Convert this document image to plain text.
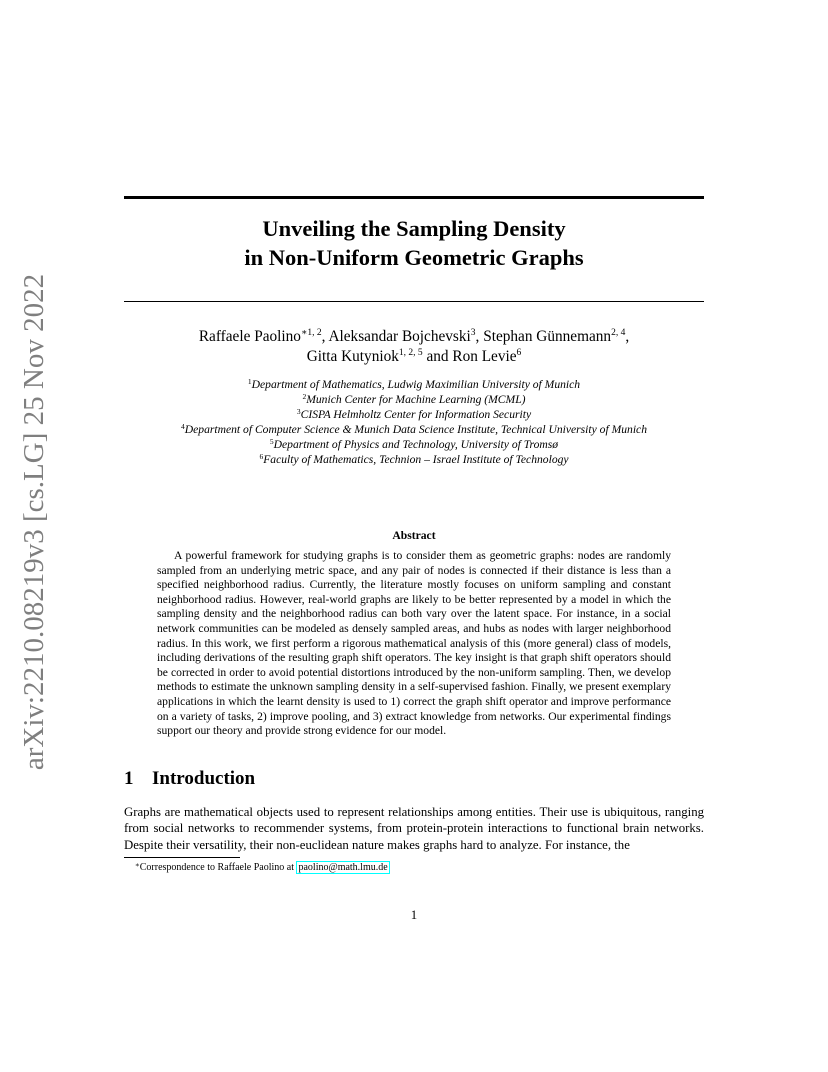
arXiv:2210.08219v3 [cs.LG] 25 Nov 2022
Unveiling the Sampling Density
in Non-Uniform Geometric Graphs
Raffaele Paolino$^{∗1, 2}$, Aleksandar Bojchevski$^3$, Stephan Günnemann$^{2, 4}$,
Gitta Kutyniok$^{1, 2, 5}$ and Ron Levie$^6$
$^1$Department of Mathematics, Ludwig Maximilian University of Munich
$^2$Munich Center for Machine Learning (MCML)
$^3$CISPA Helmholtz Center for Information Security
$^4$Department of Computer Science & Munich Data Science Institute, Technical University of Munich
$^5$Department of Physics and Technology, University of Tromsø
$^6$Faculty of Mathematics, Technion – Israel Institute of Technology
Abstract

A powerful framework for studying graphs is to consider them as geometric graphs: nodes are randomly sampled from an underlying metric space, and any pair of nodes is connected if their distance is less than a specified neighborhood radius. Currently, the literature mostly focuses on uniform sampling and constant neighborhood radius. However, real-world graphs are likely to be better represented by a model in which the sampling density and the neighborhood radius can both vary over the latent space. For instance, in a social network communities can be modeled as densely sampled areas, and hubs as nodes with larger neighborhood radius. In this work, we first perform a rigorous mathematical analysis of this (more general) class of models, including derivations of the resulting graph shift operators. The key insight is that graph shift operators should be corrected in order to avoid potential distortions introduced by the non-uniform sampling. Then, we develop methods to estimate the unknown sampling density in a self-supervised fashion. Finally, we present exemplary applications in which the learnt density is used to 1) correct the graph shift operator and improve performance on a variety of tasks, 2) improve pooling, and 3) extract knowledge from networks. Our experimental findings support our theory and provide strong evidence for our model.

1 Introduction

Graphs are mathematical objects used to represent relationships among entities. Their use is ubiquitous, ranging from social networks to recommender systems, from protein-protein interactions to functional brain networks. Despite their versatility, their non-euclidean nature makes graphs hard to analyze. For instance, the

∗Correspondence to Raffaele Paolino at paolino@math.lmu.de
1
